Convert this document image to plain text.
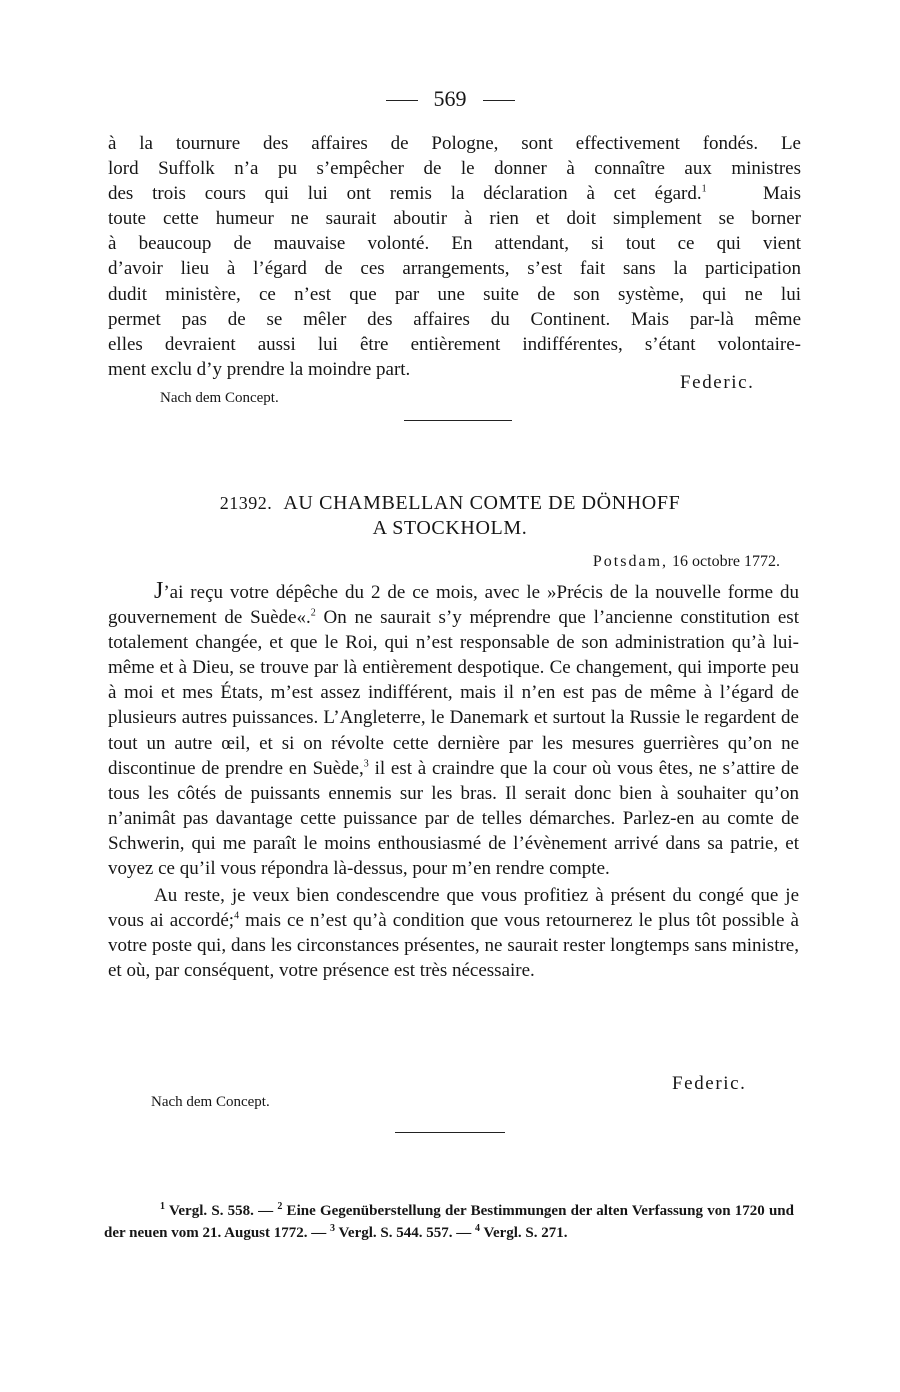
569
à la tournure des affaires de Pologne, sont effectivement fondés. Le
lord Suffolk n’a pu s’empêcher de le donner à connaître aux ministres
des trois cours qui lui ont remis la déclaration à cet égard.$^1$	Mais
toute cette humeur ne saurait aboutir à rien et doit simplement se borner
à beaucoup de mauvaise volonté. En attendant, si tout ce qui vient
d’avoir lieu à l’égard de ces arrangements, s’est fait sans la participation
dudit ministère, ce n’est que par une suite de son système, qui ne lui
permet pas de se mêler des affaires du Continent. Mais par-là même
elles devraient aussi lui être entièrement indifférentes, s’étant volontaire-
ment exclu d’y prendre la moindre part.
Federic.
Nach dem Concept.
21392. AU CHAMBELLAN COMTE DE DÖNHOFF
A STOCKHOLM.
Potsdam, 16 octobre 1772.

J’ai reçu votre dépêche du 2 de ce mois, avec le »Précis de la nouvelle forme du gouvernement de Suède«.$^2$ On ne saurait s’y méprendre que l’ancienne constitution est totalement changée, et que le Roi, qui n’est responsable de son administration qu’à lui-même et à Dieu, se trouve par là entièrement despotique. Ce changement, qui importe peu à moi et mes États, m’est assez indifférent, mais il n’en est pas de même à l’égard de plusieurs autres puissances. L’Angleterre, le Danemark et surtout la Russie le regardent de tout un autre œil, et si on révolte cette dernière par les mesures guerrières qu’on ne discontinue de prendre en Suède,$^3$ il est à craindre que la cour où vous êtes, ne s’attire de tous les côtés de puissants ennemis sur les bras. Il serait donc bien à souhaiter qu’on n’animât pas davantage cette puissance par de telles démarches. Parlez-en au comte de Schwerin, qui me paraît le moins enthousiasmé de l’évènement arrivé dans sa patrie, et voyez ce qu’il vous répondra là-dessus, pour m’en rendre compte.

Au reste, je veux bien condescendre que vous profitiez à présent du congé que je vous ai accordé;$^4$ mais ce n’est qu’à condition que vous retournerez le plus tôt possible à votre poste qui, dans les circonstances présentes, ne saurait rester longtemps sans ministre, et où, par conséquent, votre présence est très nécessaire.

Federic.
Nach dem Concept.
$^1$ Vergl. S. 558. — $^2$ Eine Gegenüberstellung der Bestimmungen der alten Verfassung von 1720 und der neuen vom 21. August 1772. — $^3$ Vergl. S. 544. 557. — $^4$ Vergl. S. 271.
